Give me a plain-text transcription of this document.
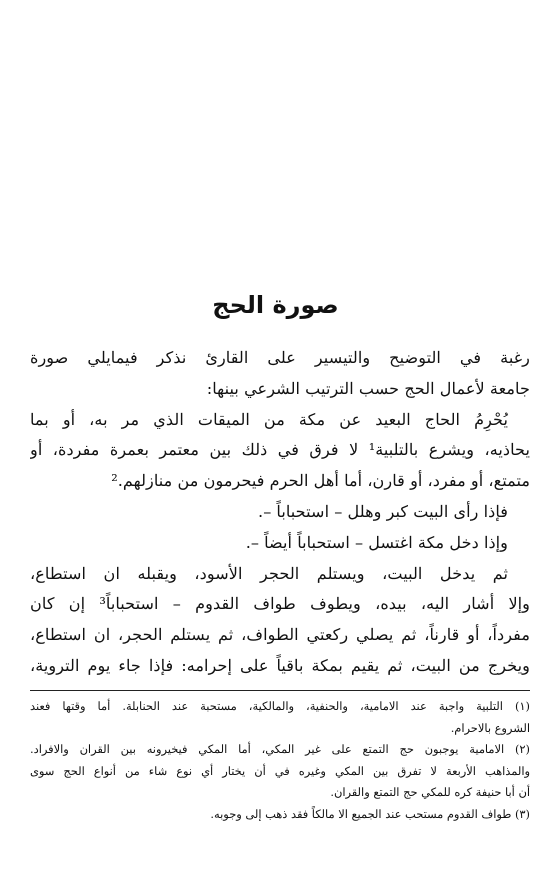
صورة الحج
رغبة في التوضيح والتيسير على القارئ نذكر فيمايلي صورة
جامعة لأعمال الحج حسب الترتيب الشرعي بينها:
يُحْرِمُ الحاج البعيد عن مكة من الميقات الذي مر به، أو بما
يحاذيه، ويشرع بالتلبية¹ لا فرق في ذلك بين معتمر بعمرة مفردة، أو
متمتع، أو مفرد، أو قارن، أما أهل الحرم فيحرمون من منازلهم.²
فإذا رأى البيت كبر وهلل – استحباباً –.
وإذا دخل مكة اغتسل – استحباباً أيضاً –.
ثم يدخل البيت، ويستلم الحجر الأسود، ويقبله ان استطاع،
وإلا أشار اليه، بيده، ويطوف طواف القدوم – استحباباً³ إن كان
مفرداً، أو قارناً، ثم يصلي ركعتي الطواف، ثم يستلم الحجر، ان استطاع،
ويخرج من البيت، ثم يقيم بمكة باقياً على إحرامه: فإذا جاء يوم التروية،
(١) التلبية واجبة عند الامامية، والحنفية، والمالكية، مستحبة عند الحنابلة. أما وقتها فعند
الشروع بالاحرام.
(٢) الامامية يوجبون حج التمتع على غير المكي، أما المكي فيخيرونه بين القران والافراد.
والمذاهب الأربعة لا تفرق بين المكي وغيره في أن يختار أي نوع شاء من أنواع الحج سوى
أن أبا حنيفة كره للمكي حج التمتع والقران.
(٣) طواف القدوم مستحب عند الجميع الا مالكاً فقد ذهب إلى وجوبه.
